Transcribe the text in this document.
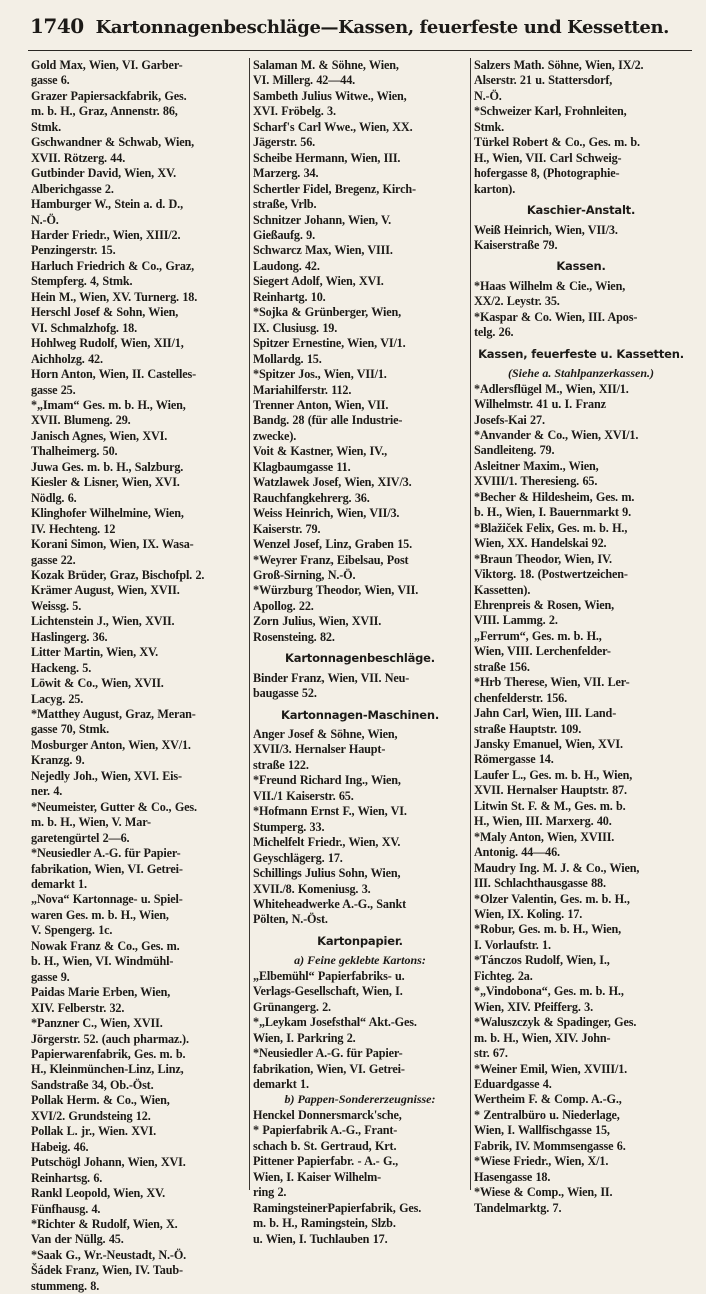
1740 Kartonnagenbeschläge—Kassen, feuerfeste und Kessetten.

Gold Max, Wien, VI. Garber-
gasse 6.

Grazer Papiersackfabrik, Ges.
m. b. H., Graz, Annenstr. 86,
Stmk.

Gschwandner & Schwab, Wien,
XVII. Rötzerg. 44.

Gutbinder David, Wien, XV.
Alberichgasse 2.

Hamburger W., Stein a. d. D.,
N.-Ö.

Harder Friedr., Wien, XIII/2.
Penzingerstr. 15.

Harluch Friedrich & Co., Graz,
Stempferg. 4, Stmk.

Hein M., Wien, XV. Turnerg. 18.

Herschl Josef & Sohn, Wien,
VI. Schmalzhofg. 18.

Hohlweg Rudolf, Wien, XII/1,
Aichholzg. 42.

Horn Anton, Wien, II. Castelles-
gasse 25.

*„Imam“ Ges. m. b. H., Wien,
XVII. Blumeng. 29.

Janisch Agnes, Wien, XVI.
Thalheimerg. 50.

Juwa Ges. m. b. H., Salzburg.

Kiesler & Lisner, Wien, XVI.
Nödlg. 6.

Klinghofer Wilhelmine, Wien,
IV. Hechteng. 12

Korani Simon, Wien, IX. Wasa-
gasse 22.

Kozak Brüder, Graz, Bischofpl. 2.

Krämer August, Wien, XVII.
Weissg. 5.

Lichtenstein J., Wien, XVII.
Haslingerg. 36.

Litter Martin, Wien, XV.
Hackeng. 5.

Löwit & Co., Wien, XVII.
Lacyg. 25.

*Matthey August, Graz, Meran-
gasse 70, Stmk.

Mosburger Anton, Wien, XV/1.
Kranzg. 9.

Nejedly Joh., Wien, XVI. Eis-
ner. 4.

*Neumeister, Gutter & Co., Ges.
m. b. H., Wien, V. Mar-
garetengürtel 2—6.

*Neusiedler A.-G. für Papier-
fabrikation, Wien, VI. Getrei-
demarkt 1.

„Nova“ Kartonnage- u. Spiel-
waren Ges. m. b. H., Wien,
V. Spengerg. 1c.

Nowak Franz & Co., Ges. m.
b. H., Wien, VI. Windmühl-
gasse 9.

Paidas Marie Erben, Wien,
XIV. Felberstr. 32.

*Panzner C., Wien, XVII.
Jörgerstr. 52. (auch pharmaz.).

Papierwarenfabrik, Ges. m. b.
H., Kleinmünchen-Linz, Linz,
Sandstraße 34, Ob.-Öst.

Pollak Herm. & Co., Wien,
XVI/2. Grundsteing 12.

Pollak L. jr., Wien. XVI.
Habeig. 46.

Putschögl Johann, Wien, XVI.
Reinhartsg. 6.

Rankl Leopold, Wien, XV.
Fünfhausg. 4.

*Richter & Rudolf, Wien, X.
Van der Nüllg. 45.

*Saak G., Wr.-Neustadt, N.-Ö.

Šádek Franz, Wien, IV. Taub-
stummeng. 8.

Salaman M. & Söhne, Wien,
VI. Millerg. 42—44.

Sambeth Julius Witwe., Wien,
XVI. Fröbelg. 3.

Scharf's Carl Wwe., Wien, XX.
Jägerstr. 56.

Scheibe Hermann, Wien, III.
Marzerg. 34.

Schertler Fidel, Bregenz, Kirch-
straße, Vrlb.

Schnitzer Johann, Wien, V.
Gießaufg. 9.

Schwarcz Max, Wien, VIII.
Laudong. 42.

Siegert Adolf, Wien, XVI.
Reinhartg. 10.

*Sojka & Grünberger, Wien,
IX. Clusiusg. 19.

Spitzer Ernestine, Wien, VI/1.
Mollardg. 15.

*Spitzer Jos., Wien, VII/1.
Mariahilferstr. 112.

Trenner Anton, Wien, VII.
Bandg. 28 (für alle Industrie-
zwecke).

Voit & Kastner, Wien, IV.,
Klagbaumgasse 11.

Watzlawek Josef, Wien, XIV/3.
Rauchfangkehrerg. 36.

Weiss Heinrich, Wien, VII/3.
Kaiserstr. 79.

Wenzel Josef, Linz, Graben 15.

*Weyrer Franz, Eibelsau, Post
Groß-Sirning, N.-Ö.

*Würzburg Theodor, Wien, VII.
Apollog. 22.

Zorn Julius, Wien, XVII.
Rosensteing. 82.

Kartonnagenbeschläge.

Binder Franz, Wien, VII. Neu-
baugasse 52.

Kartonnagen-Maschinen.

Anger Josef & Söhne, Wien,
XVII/3. Hernalser Haupt-
straße 122.

*Freund Richard Ing., Wien,
VII./1 Kaiserstr. 65.

*Hofmann Ernst F., Wien, VI.
Stumperg. 33.

Michelfelt Friedr., Wien, XV.
Geyschlägerg. 17.

Schillings Julius Sohn, Wien,
XVII./8. Komeniusg. 3.

Whiteheadwerke A.-G., Sankt
Pölten, N.-Öst.

Kartonpapier.
a) Feine geklebte Kartons:

„Elbemühl“ Papierfabriks- u.
Verlags-Gesellschaft, Wien, I.
Grünangerg. 2.

*„Leykam Josefsthal“ Akt.-Ges.
Wien, I. Parkring 2.

*Neusiedler A.-G. für Papier-
fabrikation, Wien, VI. Getrei-
demarkt 1.

b) Pappen-Sondererzeugnisse:

Henckel Donnersmarck'sche,
* Papierfabrik A.-G., Frant-
schach b. St. Gertraud, Krt.

Pittener Papierfabr. - A.- G.,
Wien, I. Kaiser Wilhelm-
ring 2.

RamingsteinerPapierfabrik, Ges.
m. b. H., Ramingstein, Slzb.
u. Wien, I. Tuchlauben 17.

Salzers Math. Söhne, Wien, IX/2.
Alserstr. 21 u. Stattersdorf,
N.-Ö.

*Schweizer Karl, Frohnleiten,
Stmk.

Türkel Robert & Co., Ges. m. b.
H., Wien, VII. Carl Schweig-
hofergasse 8, (Photographie-
karton).

Kaschier-Anstalt.

Weiß Heinrich, Wien, VII/3.
Kaiserstraße 79.

Kassen.

*Haas Wilhelm & Cie., Wien,
XX/2. Leystr. 35.

*Kaspar & Co. Wien, III. Apos-
telg. 26.

Kassen, feuerfeste u. Kassetten.
(Siehe a. Stahlpanzerkassen.)

*Adlersflügel M., Wien, XII/1.
Wilhelmstr. 41 u. I. Franz
Josefs-Kai 27.

*Anvander & Co., Wien, XVI/1.
Sandleiteng. 79.

Asleitner Maxim., Wien,
XVIII/1. Theresieng. 65.

*Becher & Hildesheim, Ges. m.
b. H., Wien, I. Bauernmarkt 9.

*Blažiček Felix, Ges. m. b. H.,
Wien, XX. Handelskai 92.

*Braun Theodor, Wien, IV.
Viktorg. 18. (Postwertzeichen-
Kassetten).

Ehrenpreis & Rosen, Wien,
VIII. Lammg. 2.

„Ferrum“, Ges. m. b. H.,
Wien, VIII. Lerchenfelder-
straße 156.

*Hrb Therese, Wien, VII. Ler-
chenfelderstr. 156.

Jahn Carl, Wien, III. Land-
straße Hauptstr. 109.

Jansky Emanuel, Wien, XVI.
Römergasse 14.

Laufer L., Ges. m. b. H., Wien,
XVII. Hernalser Hauptstr. 87.

Litwin St. F. & M., Ges. m. b.
H., Wien, III. Marxerg. 40.

*Maly Anton, Wien, XVIII.
Antonig. 44—46.

Maudry Ing. M. J. & Co., Wien,
III. Schlachthausgasse 88.

*Olzer Valentin, Ges. m. b. H.,
Wien, IX. Koling. 17.

*Robur, Ges. m. b. H., Wien,
I. Vorlaufstr. 1.

*Tánczos Rudolf, Wien, I.,
Fichteg. 2a.

*„Vindobona“, Ges. m. b. H.,
Wien, XIV. Pfeifferg. 3.

*Waluszczyk & Spadinger, Ges.
m. b. H., Wien, XIV. John-
str. 67.

*Weiner Emil, Wien, XVIII/1.
Eduardgasse 4.

Wertheim F. & Comp. A.-G.,
* Zentralbüro u. Niederlage,
Wien, I. Wallfischgasse 15,
Fabrik, IV. Mommsengasse 6.

*Wiese Friedr., Wien, X/1.
Hasengasse 18.

*Wiese & Comp., Wien, II.
Tandelmarktg. 7.
